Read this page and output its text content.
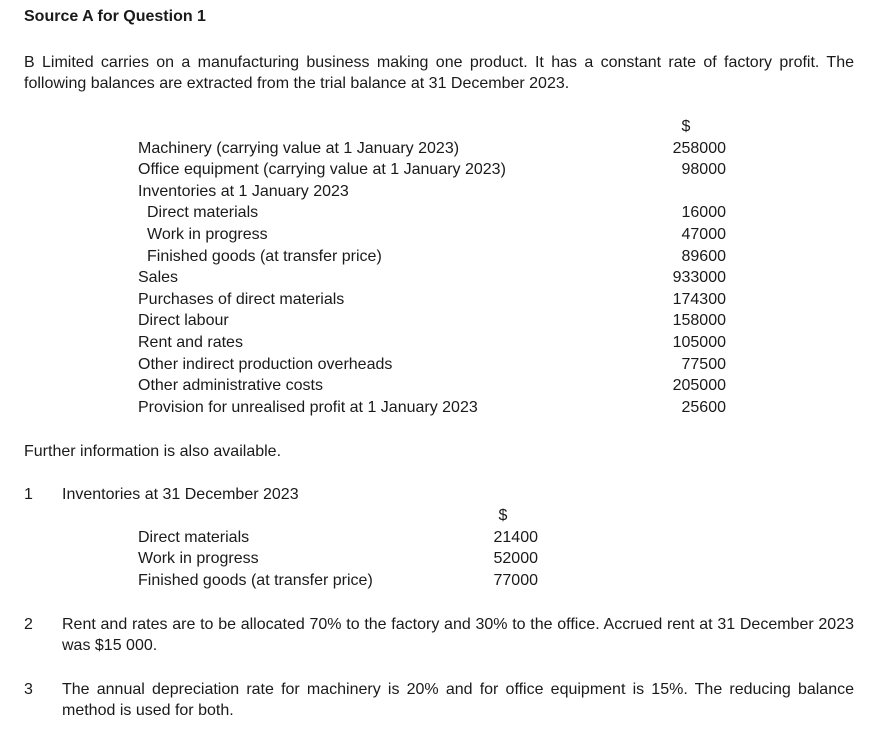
Source A for Question 1
B Limited carries on a manufacturing business making one product. It has a constant rate of factory profit. The following balances are extracted from the trial balance at 31 December 2023.
$
Machinery (carrying value at 1 January 2023)	258000
Office equipment (carrying value at 1 January 2023)	98000
Inventories at 1 January 2023
Direct materials	16000
Work in progress	47000
Finished goods (at transfer price)	89600
Sales	933000
Purchases of direct materials	174300
Direct labour	158000
Rent and rates	105000
Other indirect production overheads	77500
Other administrative costs	205000
Provision for unrealised profit at 1 January 2023	25600
Further information is also available.
1	Inventories at 31 December 2023
$
Direct materials	21400
Work in progress	52000
Finished goods (at transfer price)	77000
2	Rent and rates are to be allocated 70% to the factory and 30% to the office. Accrued rent at 31 December 2023 was $15 000.
3	The annual depreciation rate for machinery is 20% and for office equipment is 15%. The reducing balance method is used for both.
